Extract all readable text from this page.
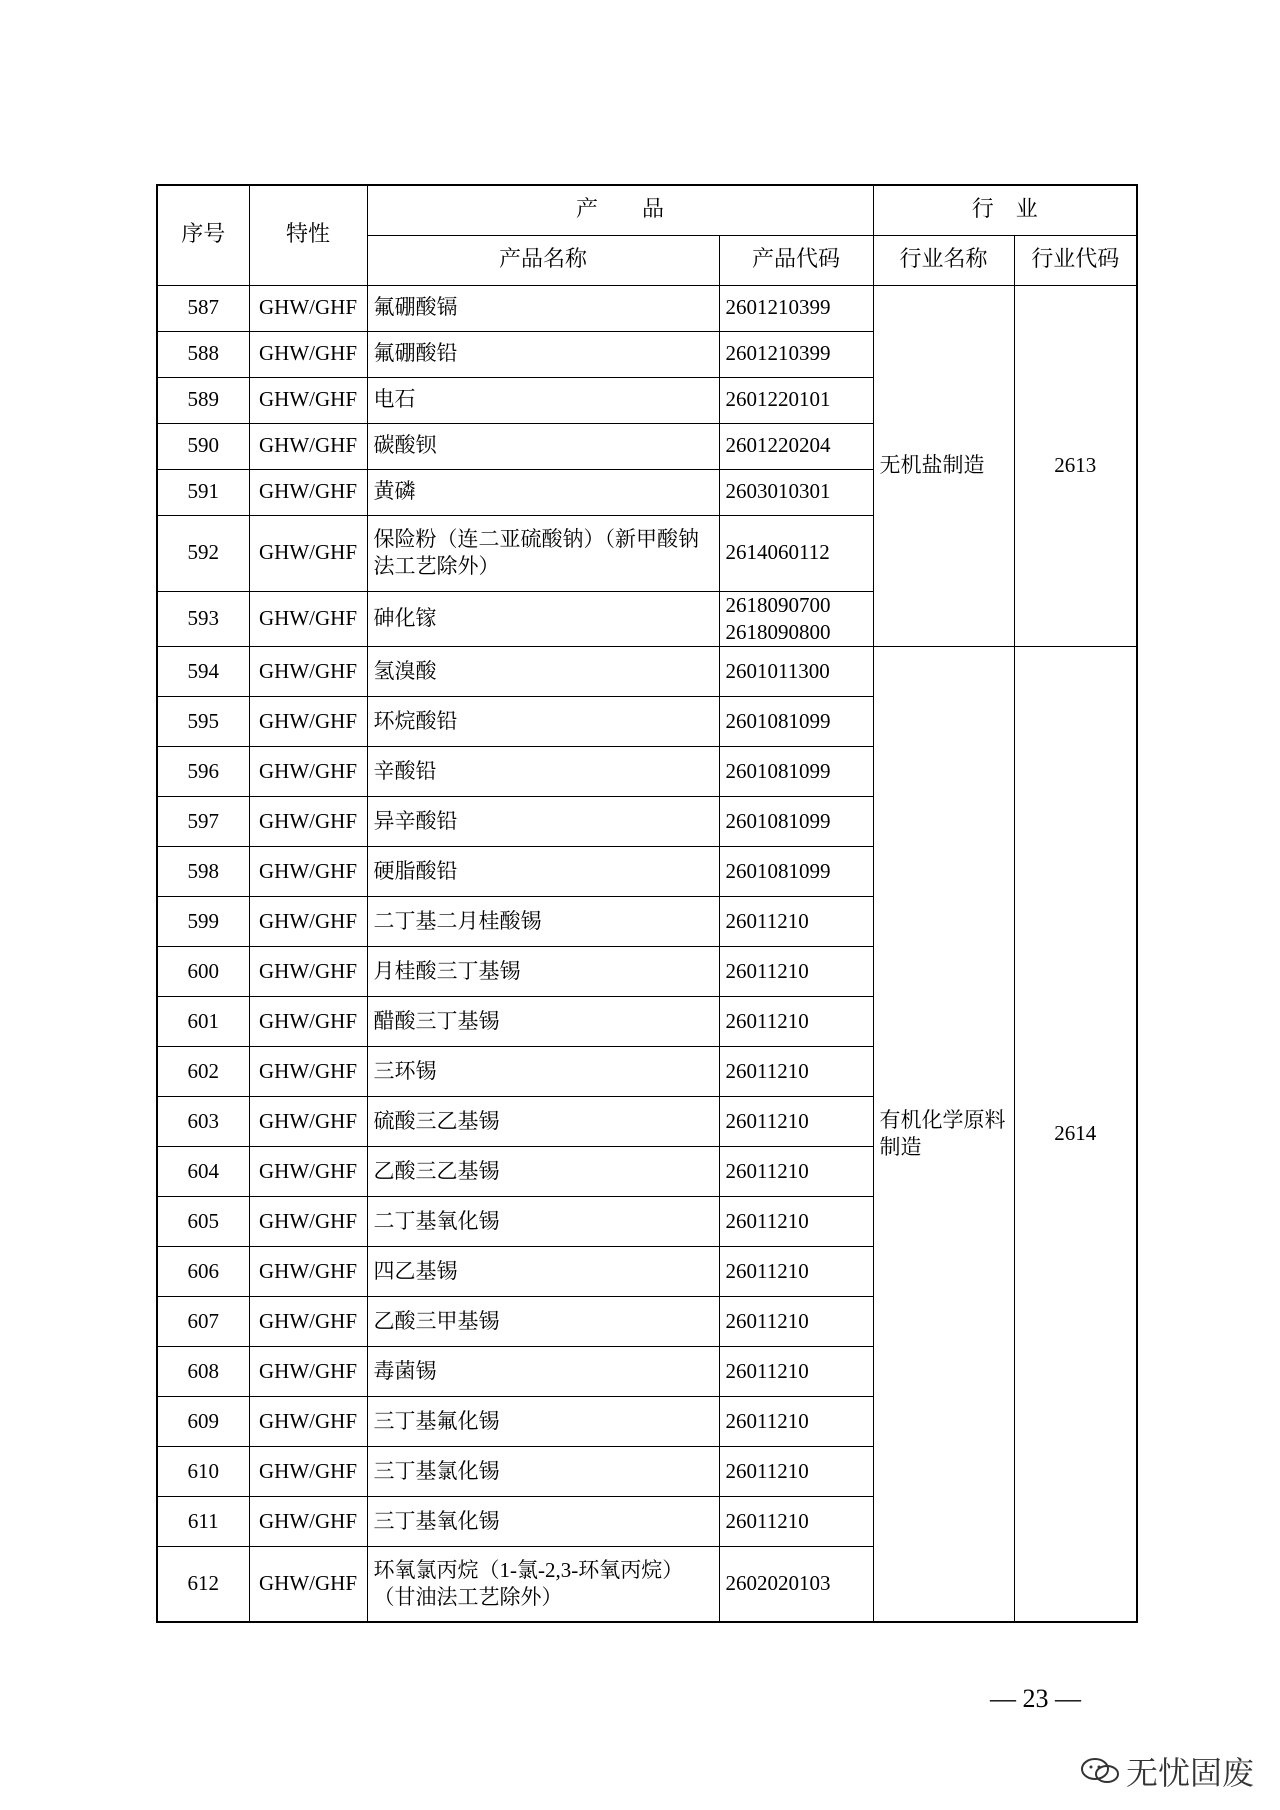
序号	特性	产　　品		行　业	
		产品名称	产品代码	行业名称	行业代码
587	GHW/GHF	氟硼酸镉	2601210399	无机盐制造	2613
588	GHW/GHF	氟硼酸铅	2601210399		
589	GHW/GHF	电石	2601220101		
590	GHW/GHF	碳酸钡	2601220204		
591	GHW/GHF	黄磷	2603010301		
592	GHW/GHF	保险粉（连二亚硫酸钠）（新甲酸钠法工艺除外）	2614060112		
593	GHW/GHF	砷化镓	2618090700 2618090800		
594	GHW/GHF	氢溴酸	2601011300	有机化学原料制造	2614
595	GHW/GHF	环烷酸铅	2601081099		
596	GHW/GHF	辛酸铅	2601081099		
597	GHW/GHF	异辛酸铅	2601081099		
598	GHW/GHF	硬脂酸铅	2601081099		
599	GHW/GHF	二丁基二月桂酸锡	26011210		
600	GHW/GHF	月桂酸三丁基锡	26011210		
601	GHW/GHF	醋酸三丁基锡	26011210		
602	GHW/GHF	三环锡	26011210		
603	GHW/GHF	硫酸三乙基锡	26011210		
604	GHW/GHF	乙酸三乙基锡	26011210		
605	GHW/GHF	二丁基氧化锡	26011210		
606	GHW/GHF	四乙基锡	26011210		
607	GHW/GHF	乙酸三甲基锡	26011210		
608	GHW/GHF	毒菌锡	26011210		
609	GHW/GHF	三丁基氟化锡	26011210		
610	GHW/GHF	三丁基氯化锡	26011210		
611	GHW/GHF	三丁基氧化锡	26011210		
612	GHW/GHF	环氧氯丙烷（1-氯-2,3-环氧丙烷）（甘油法工艺除外）	2602020103		
— 23 —
无忧固废
